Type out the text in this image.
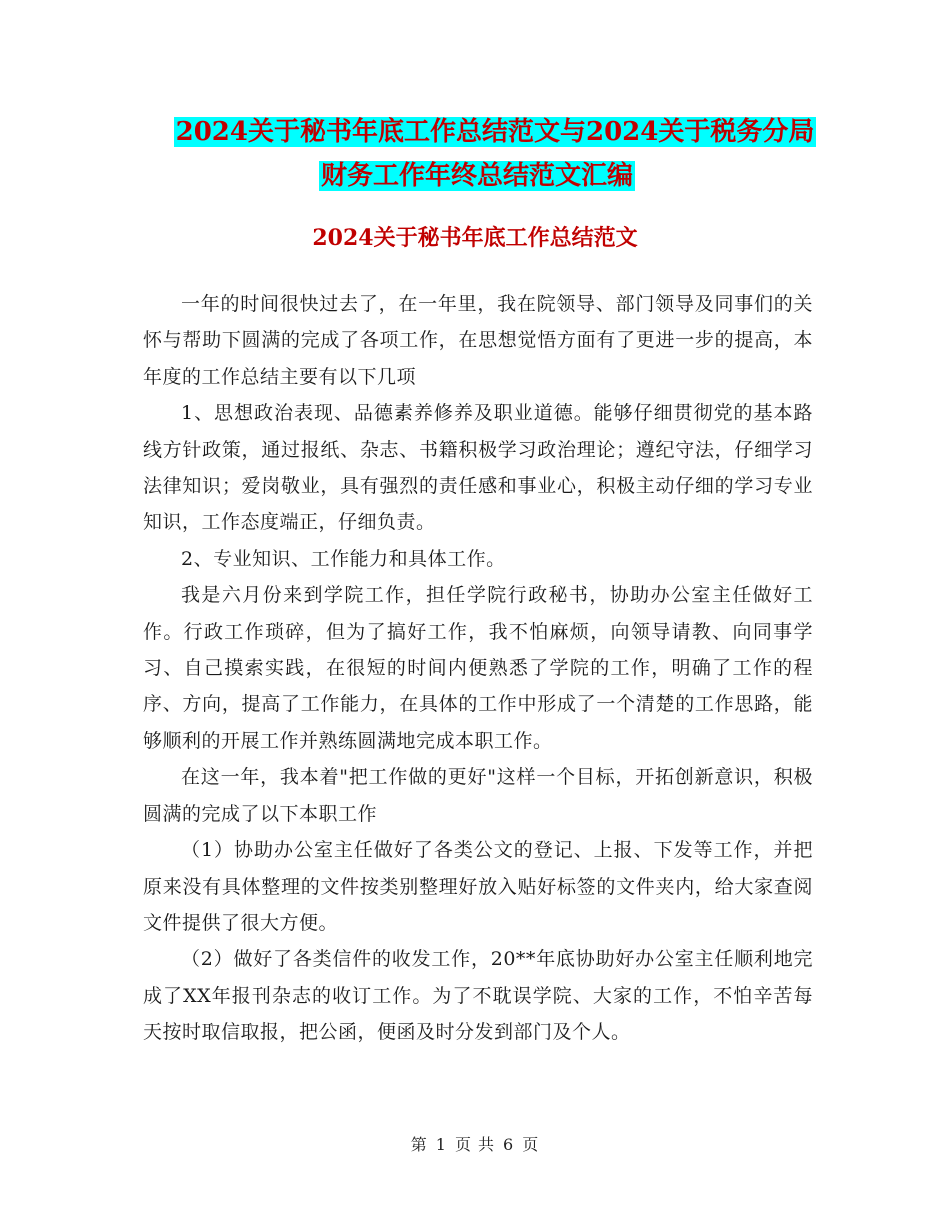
2024关于秘书年底工作总结范文与2024关于税务分局
财务工作年终总结范文汇编
2024关于秘书年底工作总结范文

一年的时间很快过去了，在一年里，我在院领导、部门领导及同事们的关怀与帮助下圆满的完成了各项工作，在思想觉悟方面有了更进一步的提高，本年度的工作总结主要有以下几项

1、思想政治表现、品德素养修养及职业道德。能够仔细贯彻党的基本路线方针政策，通过报纸、杂志、书籍积极学习政治理论；遵纪守法，仔细学习法律知识；爱岗敬业，具有强烈的责任感和事业心，积极主动仔细的学习专业知识，工作态度端正，仔细负责。

2、专业知识、工作能力和具体工作。

我是六月份来到学院工作，担任学院行政秘书，协助办公室主任做好工作。行政工作琐碎，但为了搞好工作，我不怕麻烦，向领导请教、向同事学习、自己摸索实践，在很短的时间内便熟悉了学院的工作，明确了工作的程序、方向，提高了工作能力，在具体的工作中形成了一个清楚的工作思路，能够顺利的开展工作并熟练圆满地完成本职工作。

在这一年，我本着"把工作做的更好"这样一个目标，开拓创新意识，积极圆满的完成了以下本职工作

（1）协助办公室主任做好了各类公文的登记、上报、下发等工作，并把原来没有具体整理的文件按类别整理好放入贴好标签的文件夹内，给大家查阅文件提供了很大方便。

（2）做好了各类信件的收发工作，20**年底协助好办公室主任顺利地完成了XX年报刊杂志的收订工作。为了不耽误学院、大家的工作，不怕辛苦每天按时取信取报，把公函，便函及时分发到部门及个人。

第 1 页 共 6 页
